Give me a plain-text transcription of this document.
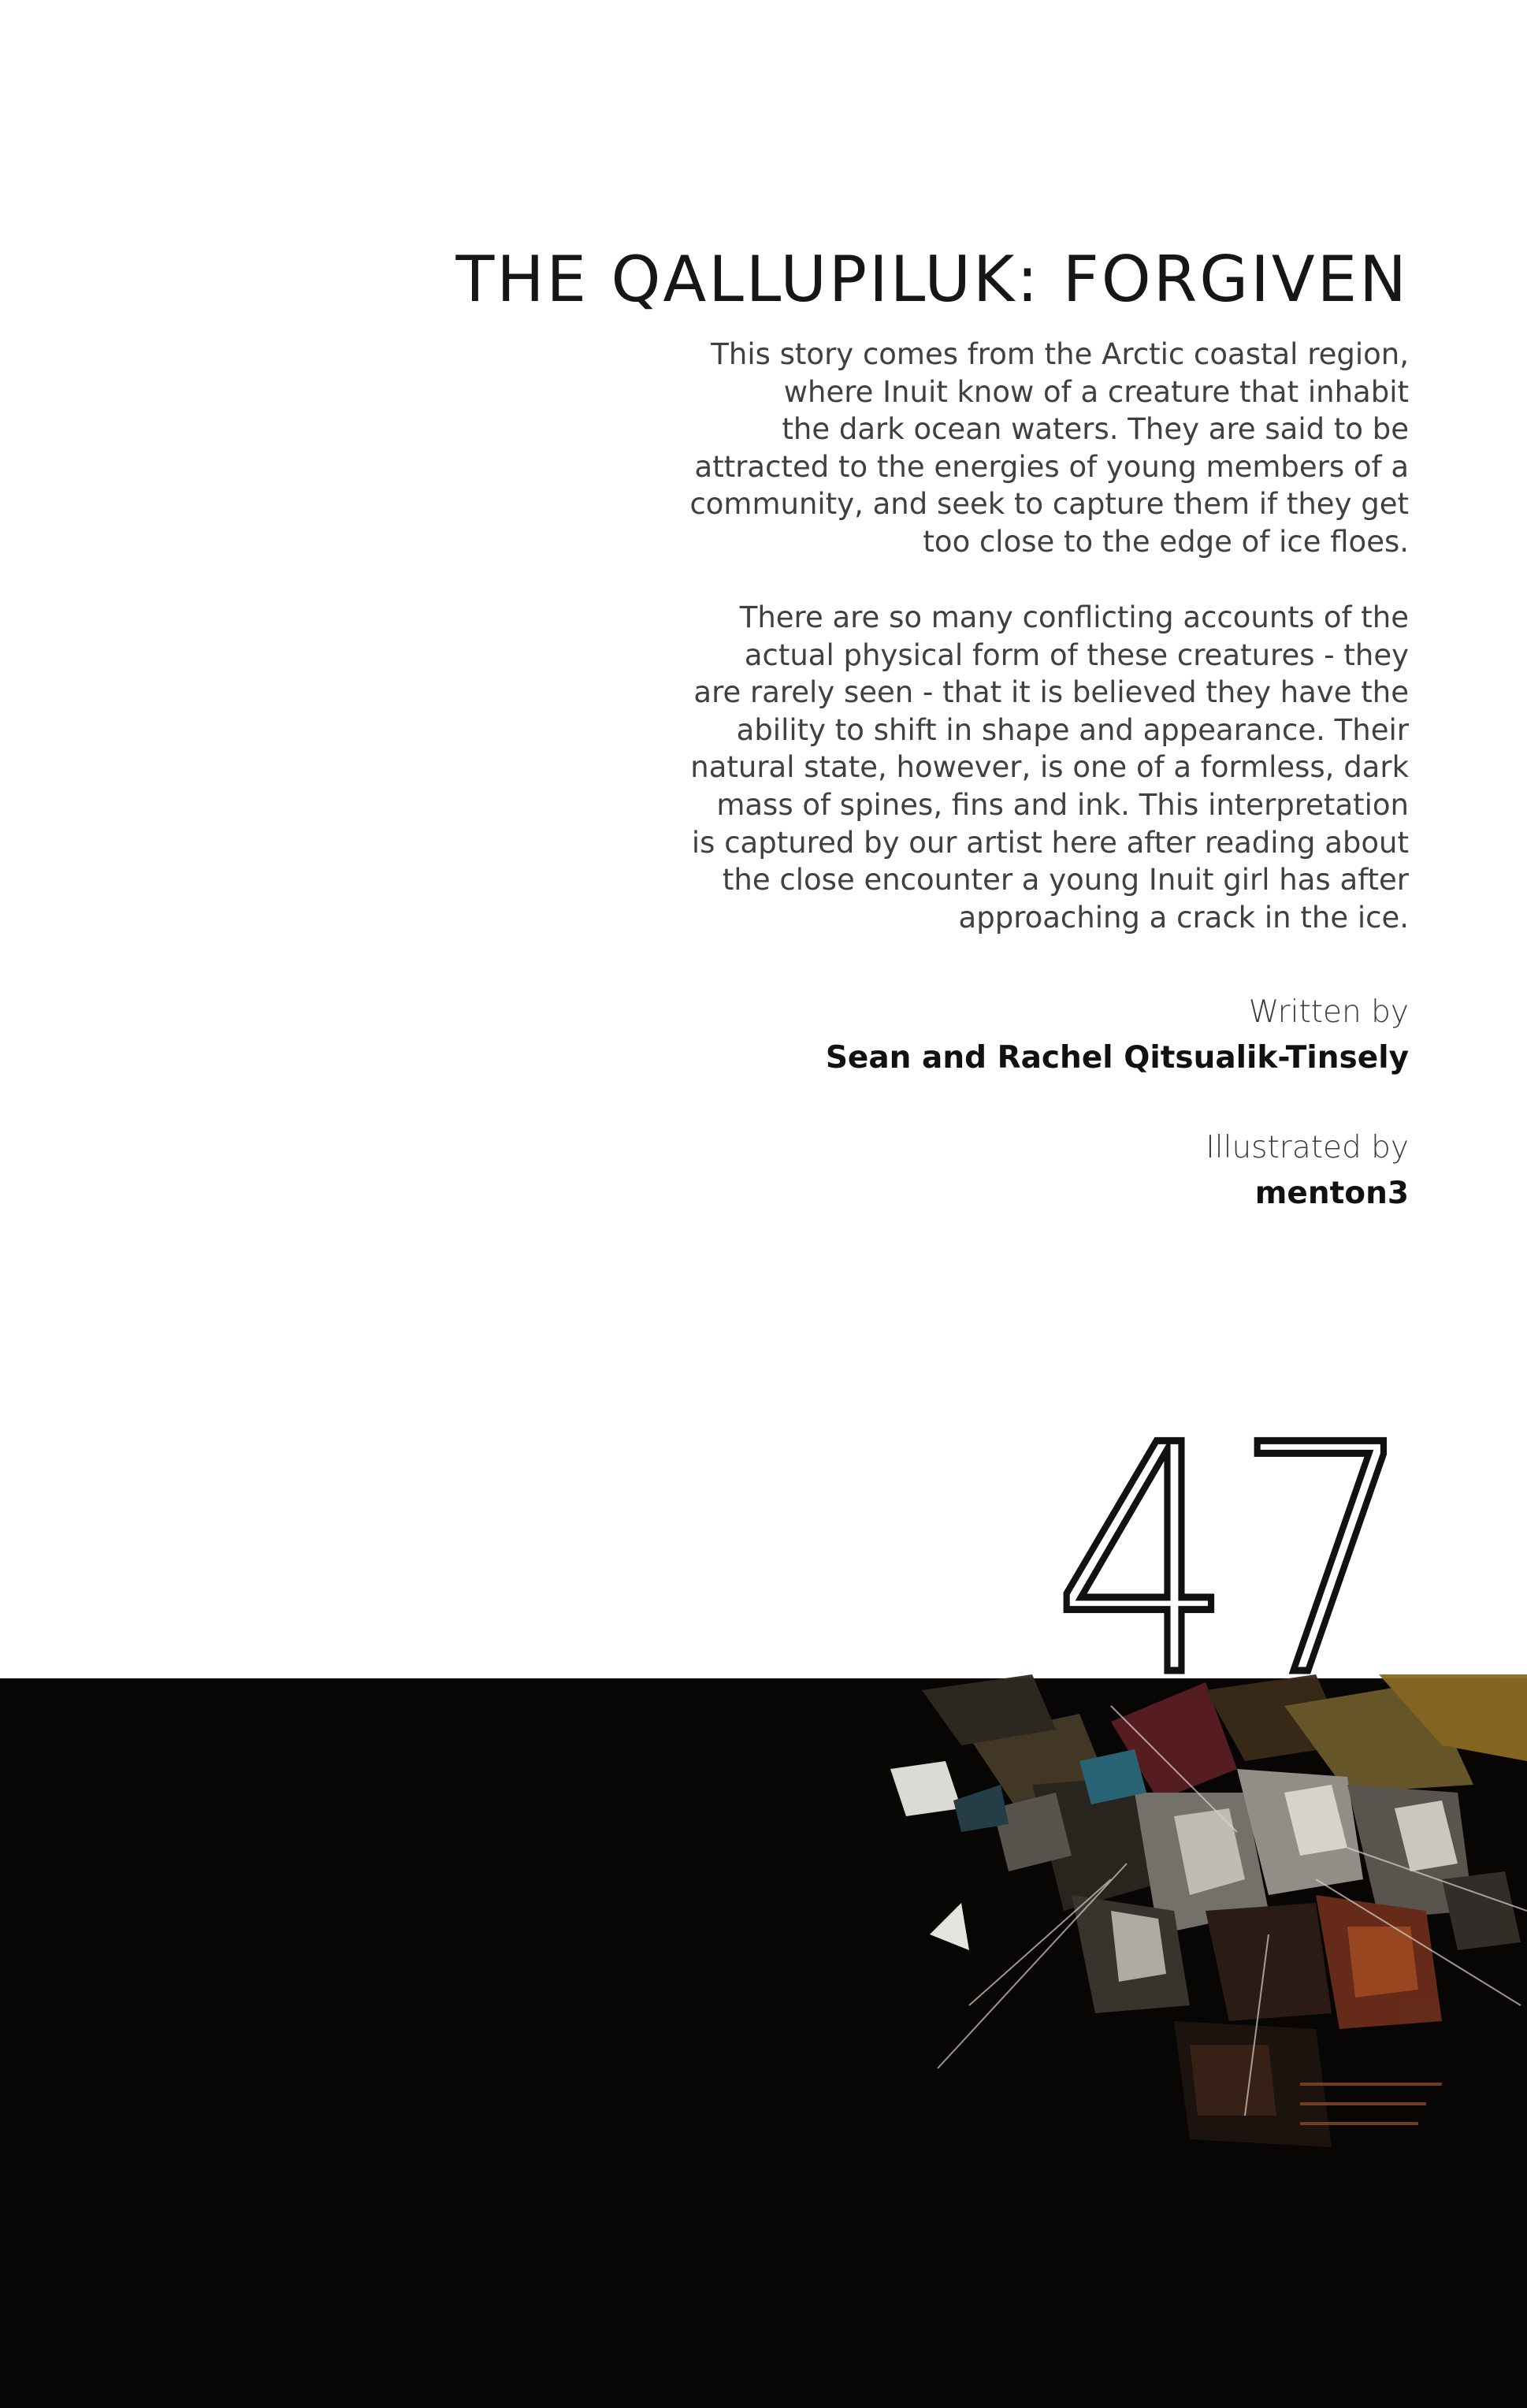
THE QALLUPILUK: FORGIVEN
This story comes from the Arctic coastal region,
where Inuit know of a creature that inhabit
the dark ocean waters. They are said to be
attracted to the energies of young members of a
community, and seek to capture them if they get
too close to the edge of ice floes.
There are so many conflicting accounts of the
actual physical form of these creatures - they
are rarely seen - that it is believed they have the
ability to shift in shape and appearance. Their
natural state, however, is one of a formless, dark
mass of spines, fins and ink. This interpretation
is captured by our artist here after reading about
the close encounter a young Inuit girl has after
approaching a crack in the ice.

Written by

Sean and Rachel Qitsualik-Tinsely

Illustrated by

menton3

47
